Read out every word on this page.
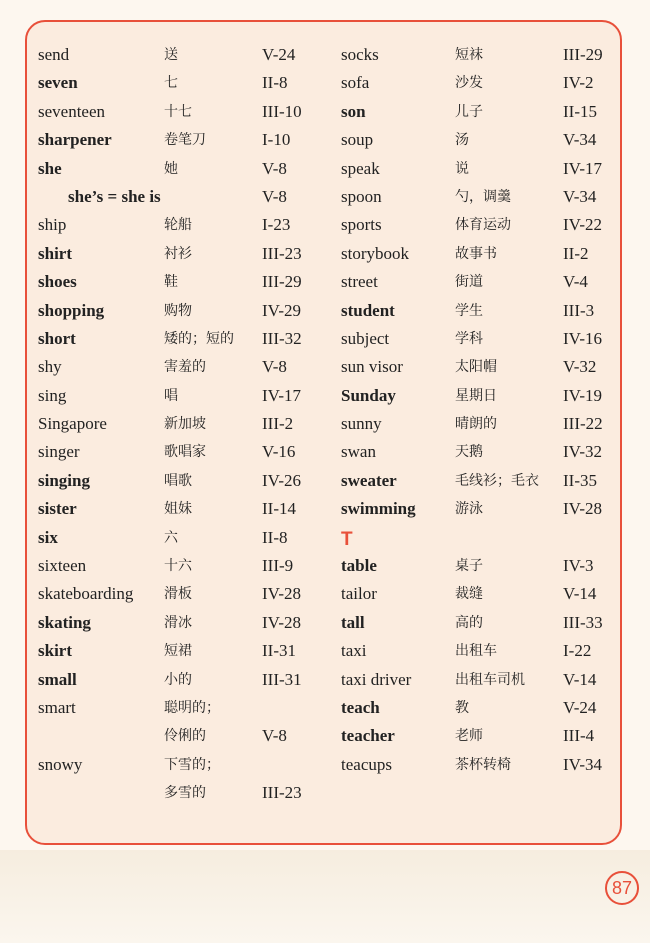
send	送	V-24
seven	七	II-8
seventeen	十七	III-10
sharpener	卷笔刀	I-10
she	她	V-8
she’s = she is	V-8
ship	轮船	I-23
shirt	衬衫	III-23
shoes	鞋	III-29
shopping	购物	IV-29
short	矮的；短的 III-32
shy	害羞的	V-8
sing	唱	IV-17
Singapore	新加坡	III-2
singer	歌唱家	V-16
singing	唱歌	IV-26
sister	姐妹	II-14
six	六	II-8
sixteen	十六	III-9
skateboarding 滑板	IV-28
skating	滑冰	IV-28
skirt	短裙	II-31
small	小的	III-31
smart	聪明的；
伶俐的	V-8
snowy	下雪的；
多雪的	III-23
socks	短袜	III-29
sofa	沙发	IV-2
son	儿子	II-15
soup	汤	V-34
speak	说	IV-17
spoon	勺，调羹	V-34
sports	体育运动	IV-22
storybook	故事书	II-2
street	街道	V-4
student	学生	III-3
subject	学科	IV-16
sun visor	太阳帽	V-32
Sunday	星期日	IV-19
sunny	晴朗的	III-22
swan	天鹅	IV-32
sweater	毛线衫；毛衣 II-35
swimming	游泳	IV-28
T
table	桌子	IV-3
tailor	裁缝	V-14
tall	高的	III-33
taxi	出租车	I-22
taxi driver	出租车司机 V-14
teach	教	V-24
teacher	老师	III-4
teacups	茶杯转椅	IV-34
87
